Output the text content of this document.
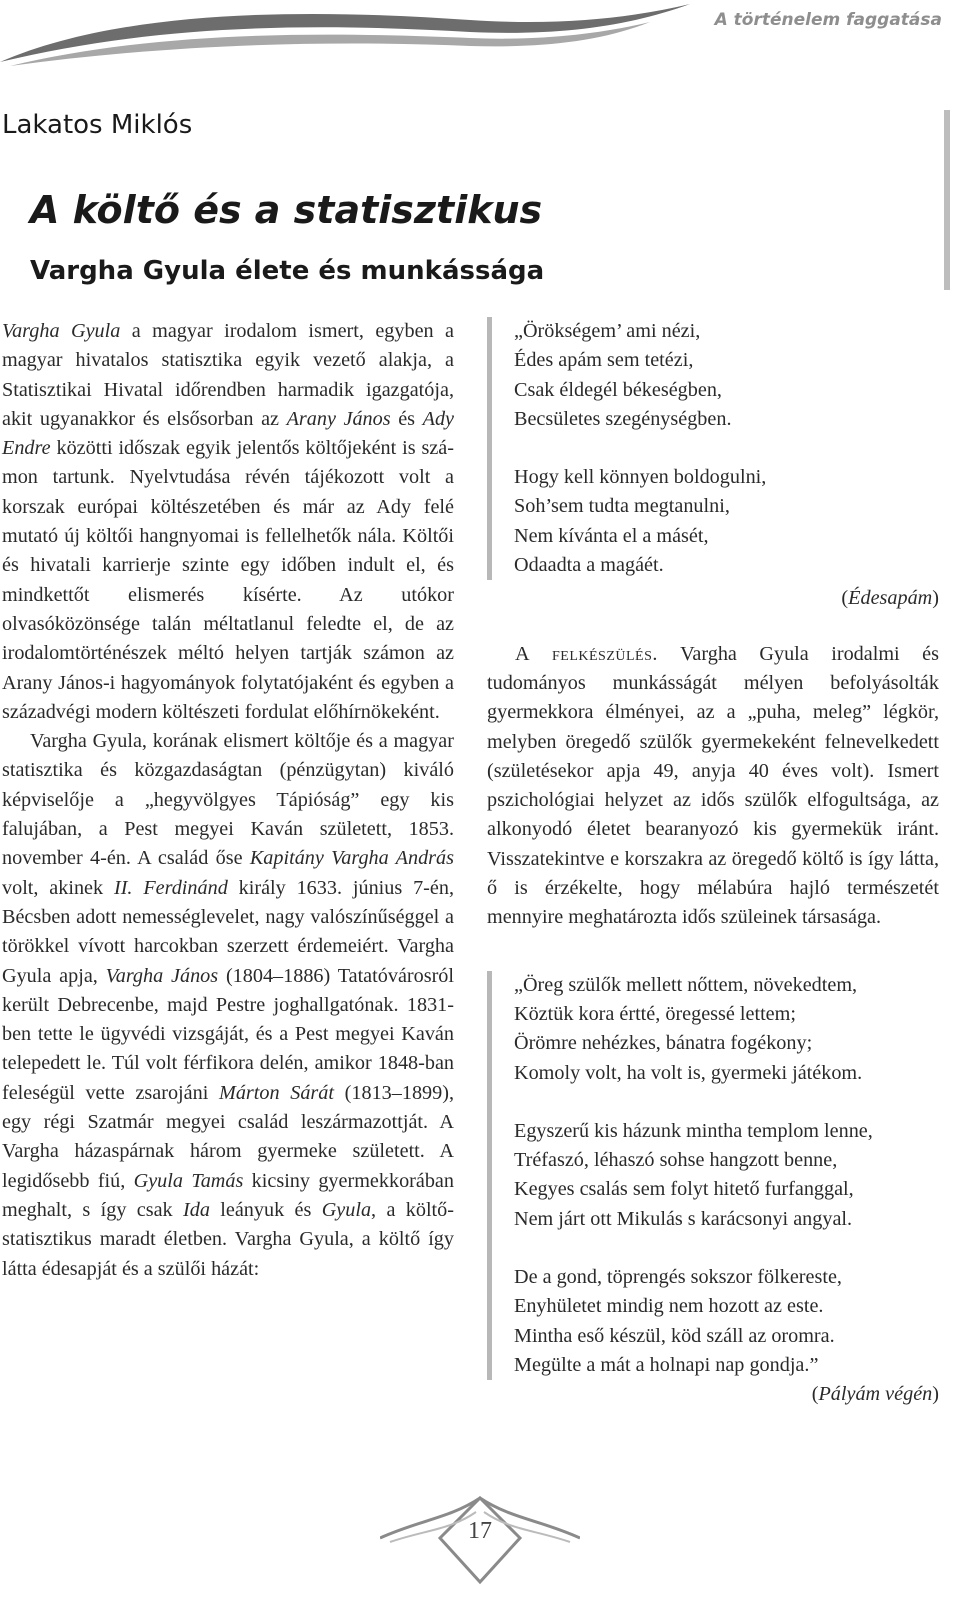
A történelem faggatása
Lakatos Miklós
A költő és a statisztikus
Vargha Gyula élete és munkássága

Vargha Gyula a magyar irodalom ismert, egyben a magyar hivatalos statisztika egyik vezető alakja, a Statisztikai Hivatal időrendben harmadik igazgatója, akit ugyanakkor és elsősorban az Arany János és Ady Endre közötti időszak egyik jelentős költőjeként is számon tartunk. Nyelvtudása révén tájékozott volt a korszak európai költészetében és már az Ady felé mutató új költői hangnyomai is fellelhetők nála. Költői és hivatali karrierje szinte egy időben indult el, és mindkettőt elismerés kísérte. Az utókor olvasóközönsége talán méltatlanul feledte el, de az irodalomtörténészek méltó helyen tartják számon az Arany János-i hagyományok folytatójaként és egyben a századvégi modern költészeti fordulat előhírnökeként.

Vargha Gyula, korának elismert költője és a magyar statisztika és közgazdaságtan (pénzügytan) kiváló képviselője a „hegyvölgyes Tápióság” egy kis falujában, a Pest megyei Kaván született, 1853. november 4-én. A család őse Kapitány Vargha András volt, akinek II. Ferdinánd király 1633. június 7-én, Bécsben adott nemességlevelet, nagy valószínűséggel a törökkel vívott harcokban szerzett érdemeiért. Vargha Gyula apja, Vargha János (1804–1886) Tatatóvárosról került Debrecenbe, majd Pestre joghallgatónak. 1831-ben tette le ügyvédi vizsgáját, és a Pest megyei Kaván telepedett le. Túl volt férfikora delén, amikor 1848-ban feleségül vette zsarojáni Márton Sárát (1813–1899), egy régi Szatmár megyei család leszármazottját. A Vargha házaspárnak három gyermeke született. A legidősebb fiú, Gyula Tamás kicsiny gyermekkorában meghalt, s így csak Ida leányuk és Gyula, a költőstatisztikus maradt életben. Vargha Gyula, a költő így látta édesapját és a szülői házát:

„Örökségem’ ami nézi,
Édes apám sem tetézi,
Csak éldegél békeségben,
Becsületes szegénységben.
Hogy kell könnyen boldogulni,
Soh’sem tudta megtanulni,
Nem kívánta el a másét,
Odaadta a magáét.
(Édesapám)

A felkészülés. Vargha Gyula irodalmi és tudományos munkásságát mélyen befolyásolták gyermekkora élményei, az a „puha, meleg” légkör, melyben öregedő szülők gyermekeként felnevelkedett (születésekor apja 49, anyja 40 éves volt). Ismert pszichológiai helyzet az idős szülők elfogultsága, az alkonyodó életet bearanyozó kis gyermekük iránt. Visszatekintve e korszakra az öregedő költő is így látta, ő is érzékelte, hogy mélabúra hajló természetét mennyire meghatározta idős szüleinek társasága.

„Öreg szülők mellett nőttem, növekedtem,
Köztük kora értté, öregessé lettem;
Örömre nehézkes, bánatra fogékony;
Komoly volt, ha volt is, gyermeki játékom.
Egyszerű kis házunk mintha templom lenne,
Tréfaszó, léhaszó sohse hangzott benne,
Kegyes csalás sem folyt hitető furfanggal,
Nem járt ott Mikulás s karácsonyi angyal.
De a gond, töprengés sokszor fölkereste,
Enyhületet mindig nem hozott az este.
Mintha eső készül, köd száll az oromra.
Megülte a mát a holnapi nap gondja.”
(Pályám végén)
17
